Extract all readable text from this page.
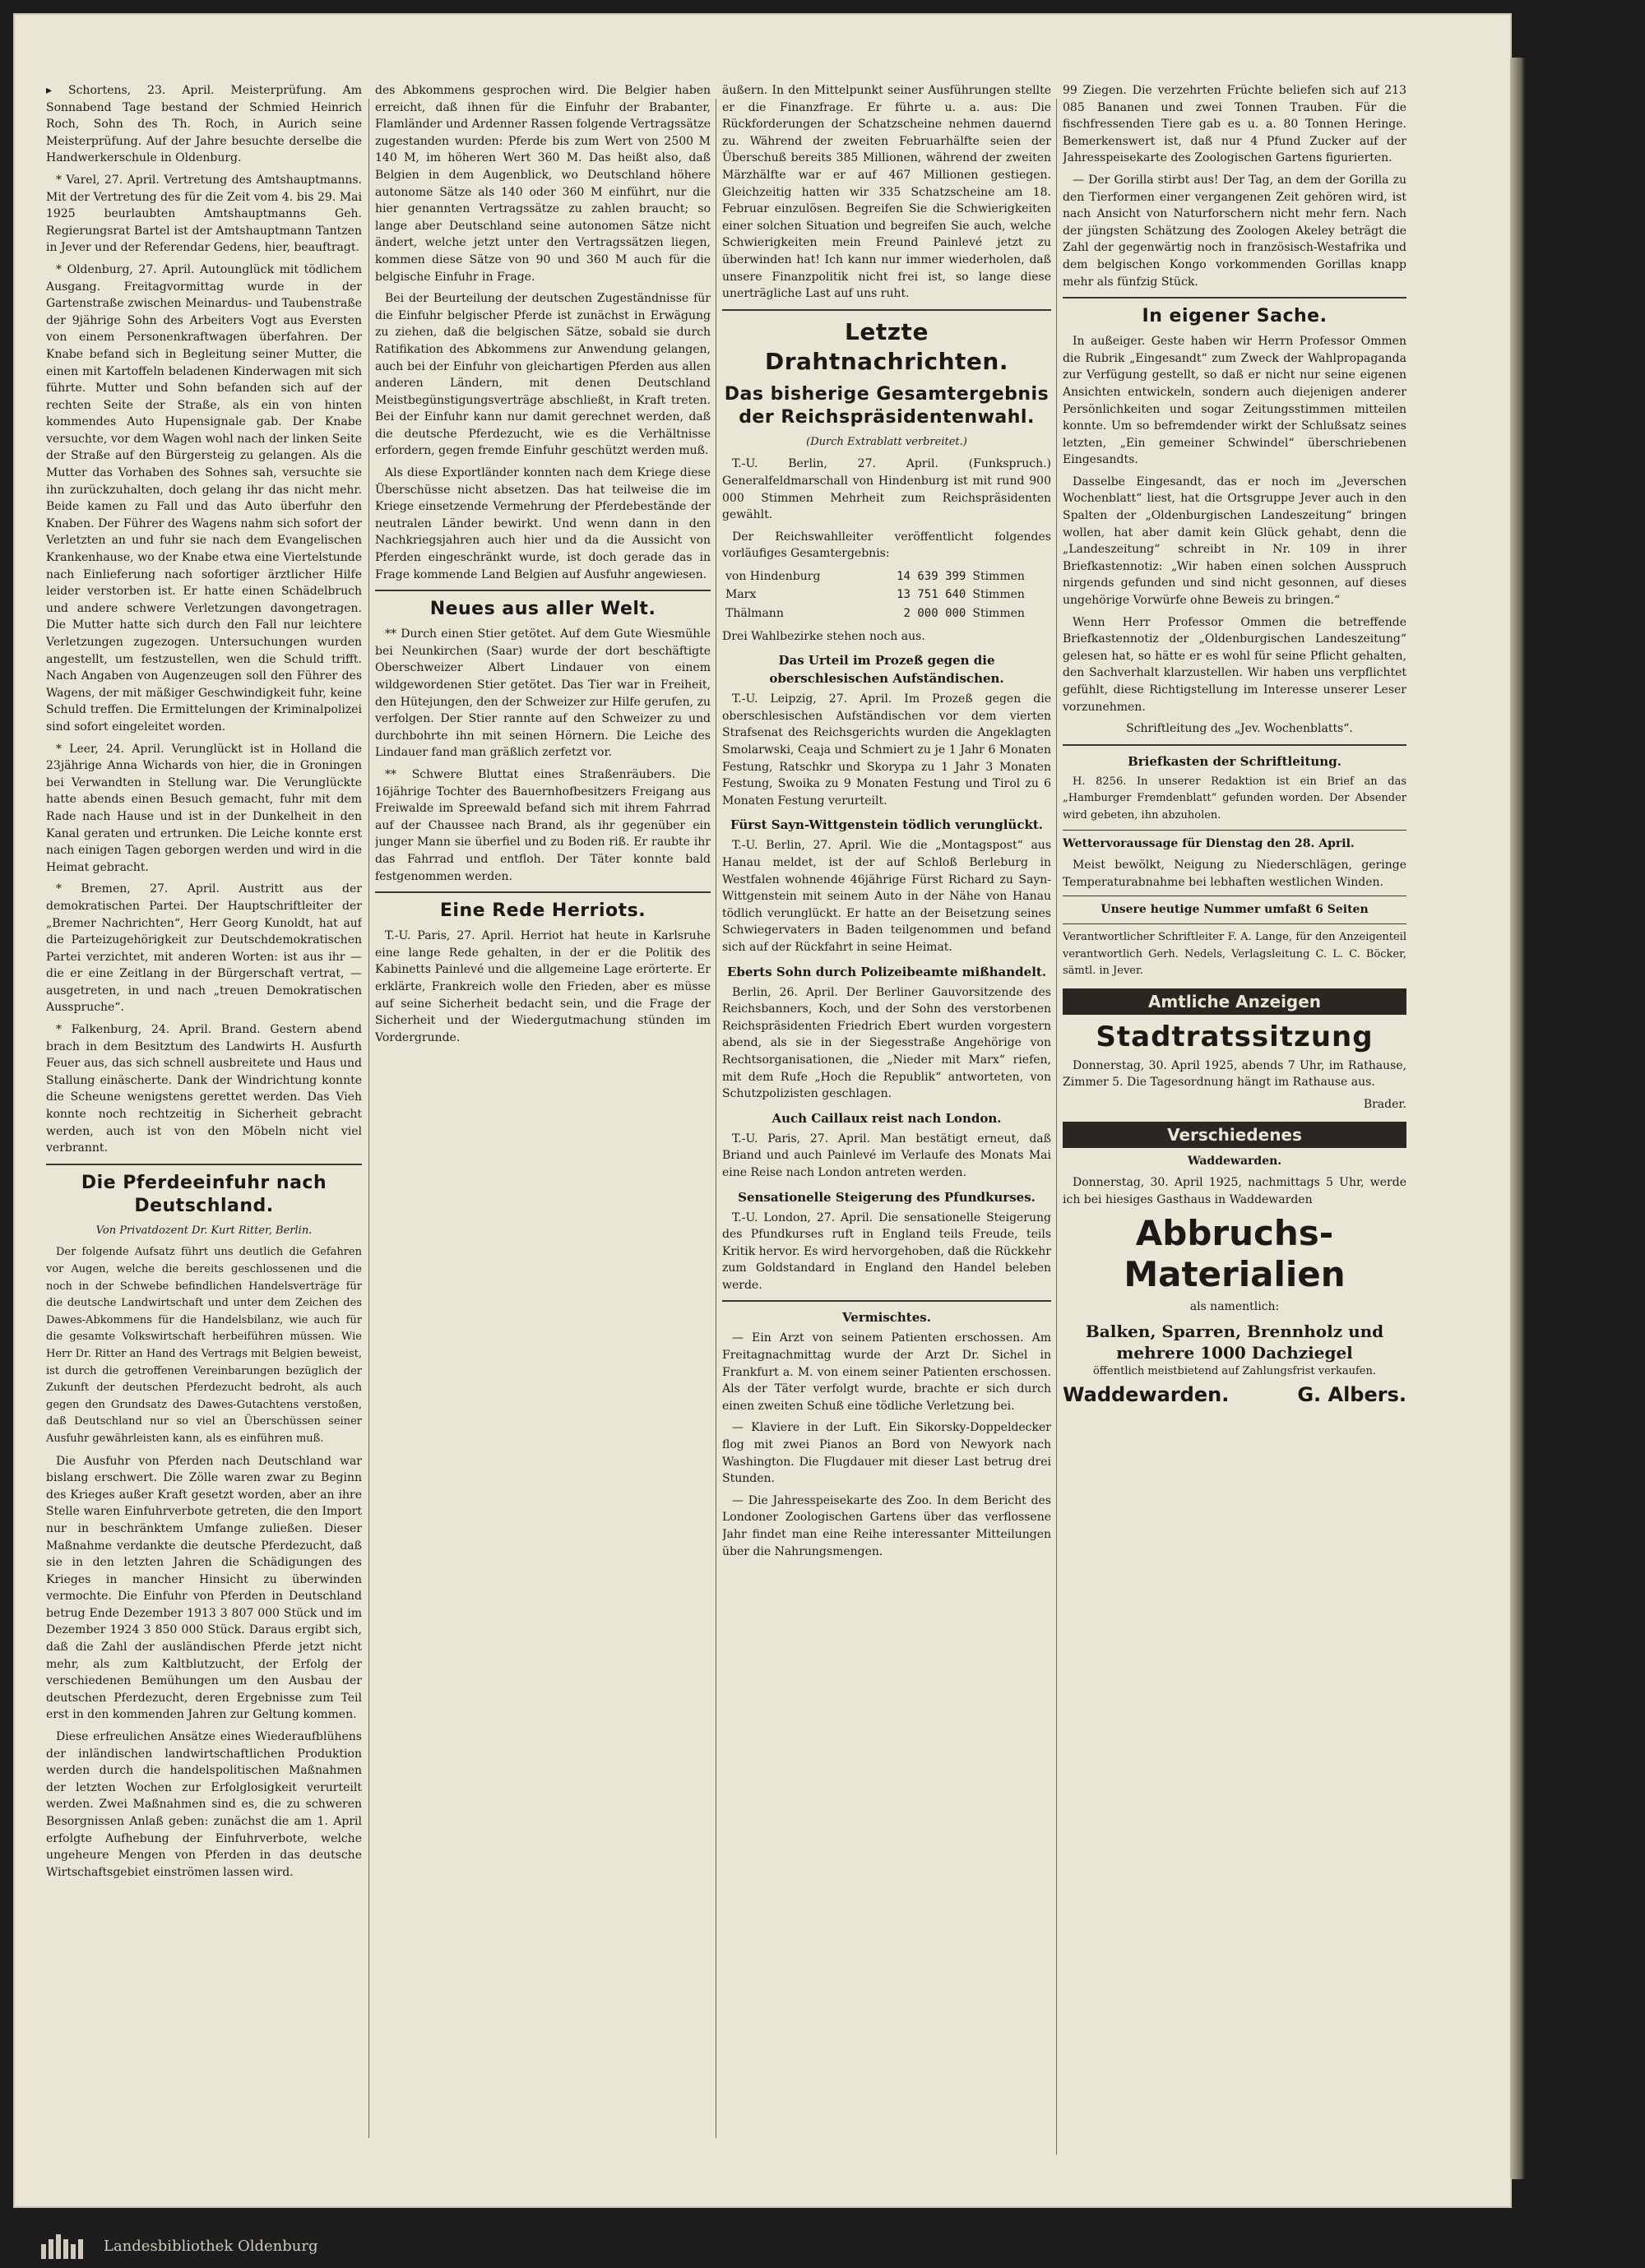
▸ Schortens, 23. April. Meisterprüfung. Am Sonnabend Tage bestand der Schmied Heinrich Roch, Sohn des Th. Roch, in Aurich seine Meisterprüfung. Auf der Jahre besuchte derselbe die Handwerkerschule in Oldenburg.

* Varel, 27. April. Vertretung des Amtshauptmanns. Mit der Vertretung des für die Zeit vom 4. bis 29. Mai 1925 beurlaubten Amtshauptmanns Geh. Regierungsrat Bartel ist der Amtshauptmann Tantzen in Jever und der Referendar Gedens, hier, beauftragt.

* Oldenburg, 27. April. Autounglück mit tödlichem Ausgang. Freitagvormittag wurde in der Gartenstraße zwischen Meinardus- und Taubenstraße der 9jährige Sohn des Arbeiters Vogt aus Eversten von einem Personenkraftwagen überfahren. Der Knabe befand sich in Begleitung seiner Mutter, die einen mit Kartoffeln beladenen Kinderwagen mit sich führte. Mutter und Sohn befanden sich auf der rechten Seite der Straße, als ein von hinten kommendes Auto Hupensignale gab. Der Knabe versuchte, vor dem Wagen wohl nach der linken Seite der Straße auf den Bürgersteig zu gelangen. Als die Mutter das Vorhaben des Sohnes sah, versuchte sie ihn zurückzuhalten, doch gelang ihr das nicht mehr. Beide kamen zu Fall und das Auto überfuhr den Knaben. Der Führer des Wagens nahm sich sofort der Verletzten an und fuhr sie nach dem Evangelischen Krankenhause, wo der Knabe etwa eine Viertelstunde nach Einlieferung nach sofortiger ärztlicher Hilfe leider verstorben ist. Er hatte einen Schädelbruch und andere schwere Verletzungen davongetragen. Die Mutter hatte sich durch den Fall nur leichtere Verletzungen zugezogen. Untersuchungen wurden angestellt, um festzustellen, wen die Schuld trifft. Nach Angaben von Augenzeugen soll den Führer des Wagens, der mit mäßiger Geschwindigkeit fuhr, keine Schuld treffen. Die Ermittelungen der Kriminalpolizei sind sofort eingeleitet worden.

* Leer, 24. April. Verunglückt ist in Holland die 23jährige Anna Wichards von hier, die in Groningen bei Verwandten in Stellung war. Die Verunglückte hatte abends einen Besuch gemacht, fuhr mit dem Rade nach Hause und ist in der Dunkelheit in den Kanal geraten und ertrunken. Die Leiche konnte erst nach einigen Tagen geborgen werden und wird in die Heimat gebracht.

* Bremen, 27. April. Austritt aus der demokratischen Partei. Der Hauptschriftleiter der „Bremer Nachrichten“, Herr Georg Kunoldt, hat auf die Parteizugehörigkeit zur Deutschdemokratischen Partei verzichtet, mit anderen Worten: ist aus ihr — die er eine Zeitlang in der Bürgerschaft vertrat, — ausgetreten, in und nach „treuen Demokratischen Ausspruche“.

* Falkenburg, 24. April. Brand. Gestern abend brach in dem Besitztum des Landwirts H. Ausfurth Feuer aus, das sich schnell ausbreitete und Haus und Stallung einäscherte. Dank der Windrichtung konnte die Scheune wenigstens gerettet werden. Das Vieh konnte noch rechtzeitig in Sicherheit gebracht werden, auch ist von den Möbeln nicht viel verbrannt.

Die Pferdeeinfuhr nach Deutschland.
Von Privatdozent Dr. Kurt Ritter, Berlin.

Der folgende Aufsatz führt uns deutlich die Gefahren vor Augen, welche die bereits geschlossenen und die noch in der Schwebe befindlichen Handelsverträge für die deutsche Landwirtschaft und unter dem Zeichen des Dawes-Abkommens für die Handelsbilanz, wie auch für die gesamte Volkswirtschaft herbeiführen müssen. Wie Herr Dr. Ritter an Hand des Vertrags mit Belgien beweist, ist durch die getroffenen Vereinbarungen bezüglich der Zukunft der deutschen Pferdezucht bedroht, als auch gegen den Grundsatz des Dawes-Gutachtens verstoßen, daß Deutschland nur so viel an Überschüssen seiner Ausfuhr gewährleisten kann, als es einführen muß.

Die Ausfuhr von Pferden nach Deutschland war bislang erschwert. Die Zölle waren zwar zu Beginn des Krieges außer Kraft gesetzt worden, aber an ihre Stelle waren Einfuhrverbote getreten, die den Import nur in beschränktem Umfange zuließen. Dieser Maßnahme verdankte die deutsche Pferdezucht, daß sie in den letzten Jahren die Schädigungen des Krieges in mancher Hinsicht zu überwinden vermochte. Die Einfuhr von Pferden in Deutschland betrug Ende Dezember 1913 3 807 000 Stück und im Dezember 1924 3 850 000 Stück. Daraus ergibt sich, daß die Zahl der ausländischen Pferde jetzt nicht mehr, als zum Kaltblutzucht, der Erfolg der verschiedenen Bemühungen um den Ausbau der deutschen Pferdezucht, deren Ergebnisse zum Teil erst in den kommenden Jahren zur Geltung kommen.

Diese erfreulichen Ansätze eines Wiederaufblühens der inländischen landwirtschaftlichen Produktion werden durch die handelspolitischen Maßnahmen der letzten Wochen zur Erfolglosigkeit verurteilt werden. Zwei Maßnahmen sind es, die zu schweren Besorgnissen Anlaß geben: zunächst die am 1. April erfolgte Aufhebung der Einfuhrverbote, welche ungeheure Mengen von Pferden in das deutsche Wirtschaftsgebiet einströmen lassen wird.

des Abkommens gesprochen wird. Die Belgier haben erreicht, daß ihnen für die Einfuhr der Brabanter, Flamländer und Ardenner Rassen folgende Vertragssätze zugestanden wurden: Pferde bis zum Wert von 2500 M 140 M, im höheren Wert 360 M. Das heißt also, daß Belgien in dem Augenblick, wo Deutschland höhere autonome Sätze als 140 oder 360 M einführt, nur die hier genannten Vertragssätze zu zahlen braucht; so lange aber Deutschland seine autonomen Sätze nicht ändert, welche jetzt unter den Vertragssätzen liegen, kommen diese Sätze von 90 und 360 M auch für die belgische Einfuhr in Frage.

Bei der Beurteilung der deutschen Zugeständnisse für die Einfuhr belgischer Pferde ist zunächst in Erwägung zu ziehen, daß die belgischen Sätze, sobald sie durch Ratifikation des Abkommens zur Anwendung gelangen, auch bei der Einfuhr von gleichartigen Pferden aus allen anderen Ländern, mit denen Deutschland Meistbegünstigungsverträge abschließt, in Kraft treten. Bei der Einfuhr kann nur damit gerechnet werden, daß die deutsche Pferdezucht, wie es die Verhältnisse erfordern, gegen fremde Einfuhr geschützt werden muß.

Als diese Exportländer konnten nach dem Kriege diese Überschüsse nicht absetzen. Das hat teilweise die im Kriege einsetzende Vermehrung der Pferdebestände der neutralen Länder bewirkt. Und wenn dann in den Nachkriegsjahren auch hier und da die Aussicht von Pferden eingeschränkt wurde, ist doch gerade das in Frage kommende Land Belgien auf Ausfuhr angewiesen.

Neues aus aller Welt.

** Durch einen Stier getötet. Auf dem Gute Wiesmühle bei Neunkirchen (Saar) wurde der dort beschäftigte Oberschweizer Albert Lindauer von einem wildgewordenen Stier getötet. Das Tier war in Freiheit, den Hütejungen, den der Schweizer zur Hilfe gerufen, zu verfolgen. Der Stier rannte auf den Schweizer zu und durchbohrte ihn mit seinen Hörnern. Die Leiche des Lindauer fand man gräßlich zerfetzt vor.

** Schwere Bluttat eines Straßenräubers. Die 16jährige Tochter des Bauernhofbesitzers Freigang aus Freiwalde im Spreewald befand sich mit ihrem Fahrrad auf der Chaussee nach Brand, als ihr gegenüber ein junger Mann sie überfiel und zu Boden riß. Er raubte ihr das Fahrrad und entfloh. Der Täter konnte bald festgenommen werden.

Eine Rede Herriots.

T.-U. Paris, 27. April. Herriot hat heute in Karlsruhe eine lange Rede gehalten, in der er die Politik des Kabinetts Painlevé und die allgemeine Lage erörterte. Er erklärte, Frankreich wolle den Frieden, aber es müsse auf seine Sicherheit bedacht sein, und die Frage der Sicherheit und der Wiedergutmachung stünden im Vordergrunde.

äußern. In den Mittelpunkt seiner Ausführungen stellte er die Finanzfrage. Er führte u. a. aus: Die Rückforderungen der Schatzscheine nehmen dauernd zu. Während der zweiten Februarhälfte seien der Überschuß bereits 385 Millionen, während der zweiten Märzhälfte war er auf 467 Millionen gestiegen. Gleichzeitig hatten wir 335 Schatzscheine am 18. Februar einzulösen. Begreifen Sie die Schwierigkeiten einer solchen Situation und begreifen Sie auch, welche Schwierigkeiten mein Freund Painlevé jetzt zu überwinden hat! Ich kann nur immer wiederholen, daß unsere Finanzpolitik nicht frei ist, so lange diese unerträgliche Last auf uns ruht.

Letzte Drahtnachrichten.
Das bisherige Gesamtergebnis der Reichspräsidentenwahl.
(Durch Extrablatt verbreitet.)

T.-U. Berlin, 27. April. (Funkspruch.) Generalfeldmarschall von Hindenburg ist mit rund 900 000 Stimmen Mehrheit zum Reichspräsidenten gewählt.

Der Reichswahlleiter veröffentlicht folgendes vorläufiges Gesamtergebnis:

von Hindenburg	14 639 399	Stimmen
Marx	13 751 640	Stimmen
Thälmann	2 000 000	Stimmen

Drei Wahlbezirke stehen noch aus.

Das Urteil im Prozeß gegen die oberschlesischen Aufständischen.

T.-U. Leipzig, 27. April. Im Prozeß gegen die oberschlesischen Aufständischen vor dem vierten Strafsenat des Reichsgerichts wurden die Angeklagten Smolarwski, Ceaja und Schmiert zu je 1 Jahr 6 Monaten Festung, Ratschkr und Skorypa zu 1 Jahr 3 Monaten Festung, Swoika zu 9 Monaten Festung und Tirol zu 6 Monaten Festung verurteilt.

Fürst Sayn-Wittgenstein tödlich verunglückt.

T.-U. Berlin, 27. April. Wie die „Montagspost“ aus Hanau meldet, ist der auf Schloß Berleburg in Westfalen wohnende 46jährige Fürst Richard zu Sayn-Wittgenstein mit seinem Auto in der Nähe von Hanau tödlich verunglückt. Er hatte an der Beisetzung seines Schwiegervaters in Baden teilgenommen und befand sich auf der Rückfahrt in seine Heimat.

Eberts Sohn durch Polizeibeamte mißhandelt.

Berlin, 26. April. Der Berliner Gauvorsitzende des Reichsbanners, Koch, und der Sohn des verstorbenen Reichspräsidenten Friedrich Ebert wurden vorgestern abend, als sie in der Siegesstraße Angehörige von Rechtsorganisationen, die „Nieder mit Marx“ riefen, mit dem Rufe „Hoch die Republik“ antworteten, von Schutzpolizisten geschlagen.

Auch Caillaux reist nach London.

T.-U. Paris, 27. April. Man bestätigt erneut, daß Briand und auch Painlevé im Verlaufe des Monats Mai eine Reise nach London antreten werden.

Sensationelle Steigerung des Pfundkurses.

T.-U. London, 27. April. Die sensationelle Steigerung des Pfundkurses ruft in England teils Freude, teils Kritik hervor. Es wird hervorgehoben, daß die Rückkehr zum Goldstandard in England den Handel beleben werde.

Vermischtes.

— Ein Arzt von seinem Patienten erschossen. Am Freitagnachmittag wurde der Arzt Dr. Sichel in Frankfurt a. M. von einem seiner Patienten erschossen. Als der Täter verfolgt wurde, brachte er sich durch einen zweiten Schuß eine tödliche Verletzung bei.

— Klaviere in der Luft. Ein Sikorsky-Doppeldecker flog mit zwei Pianos an Bord von Newyork nach Washington. Die Flugdauer mit dieser Last betrug drei Stunden.

— Die Jahresspeisekarte des Zoo. In dem Bericht des Londoner Zoologischen Gartens über das verflossene Jahr findet man eine Reihe interessanter Mitteilungen über die Nahrungsmengen.

99 Ziegen. Die verzehrten Früchte beliefen sich auf 213 085 Bananen und zwei Tonnen Trauben. Für die fischfressenden Tiere gab es u. a. 80 Tonnen Heringe. Bemerkenswert ist, daß nur 4 Pfund Zucker auf der Jahresspeisekarte des Zoologischen Gartens figurierten.

— Der Gorilla stirbt aus! Der Tag, an dem der Gorilla zu den Tierformen einer vergangenen Zeit gehören wird, ist nach Ansicht von Naturforschern nicht mehr fern. Nach der jüngsten Schätzung des Zoologen Akeley beträgt die Zahl der gegenwärtig noch in französisch-Westafrika und dem belgischen Kongo vorkommenden Gorillas knapp mehr als fünfzig Stück.

In eigener Sache.

In außeiger. Geste haben wir Herrn Professor Ommen die Rubrik „Eingesandt“ zum Zweck der Wahlpropaganda zur Verfügung gestellt, so daß er nicht nur seine eigenen Ansichten entwickeln, sondern auch diejenigen anderer Persönlichkeiten und sogar Zeitungsstimmen mitteilen konnte. Um so befremdender wirkt der Schlußsatz seines letzten, „Ein gemeiner Schwindel“ überschriebenen Eingesandts.

Dasselbe Eingesandt, das er noch im „Jeverschen Wochenblatt“ liest, hat die Ortsgruppe Jever auch in den Spalten der „Oldenburgischen Landeszeitung“ bringen wollen, hat aber damit kein Glück gehabt, denn die „Landeszeitung“ schreibt in Nr. 109 in ihrer Briefkastennotiz: „Wir haben einen solchen Ausspruch nirgends gefunden und sind nicht gesonnen, auf dieses ungehörige Vorwürfe ohne Beweis zu bringen.“

Wenn Herr Professor Ommen die betreffende Briefkastennotiz der „Oldenburgischen Landeszeitung“ gelesen hat, so hätte er es wohl für seine Pflicht gehalten, den Sachverhalt klarzustellen. Wir haben uns verpflichtet gefühlt, diese Richtigstellung im Interesse unserer Leser vorzunehmen.

Schriftleitung des „Jev. Wochenblatts“.

Briefkasten der Schriftleitung.

H. 8256. In unserer Redaktion ist ein Brief an das „Hamburger Fremdenblatt“ gefunden worden. Der Absender wird gebeten, ihn abzuholen.

Wettervoraussage für Dienstag den 28. April.

Meist bewölkt, Neigung zu Niederschlägen, geringe Temperaturabnahme bei lebhaften westlichen Winden.

Unsere heutige Nummer umfaßt 6 Seiten

Verantwortlicher Schriftleiter F. A. Lange, für den Anzeigenteil verantwortlich Gerh. Nedels, Verlagsleitung C. L. C. Böcker, sämtl. in Jever.

Amtliche Anzeigen
Stadtratssitzung

Donnerstag, 30. April 1925, abends 7 Uhr, im Rathause, Zimmer 5. Die Tagesordnung hängt im Rathause aus.

Brader.

Verschiedenes

Waddewarden.

Donnerstag, 30. April 1925, nachmittags 5 Uhr, werde ich bei hiesiges Gasthaus in Waddewarden

Abbruchs-Materialien

als namentlich:

Balken, Sparren, Brennholz und mehrere 1000 Dachziegel

öffentlich meistbietend auf Zahlungsfrist verkaufen.

Waddewarden.	G. Albers.
Landesbibliothek Oldenburg
